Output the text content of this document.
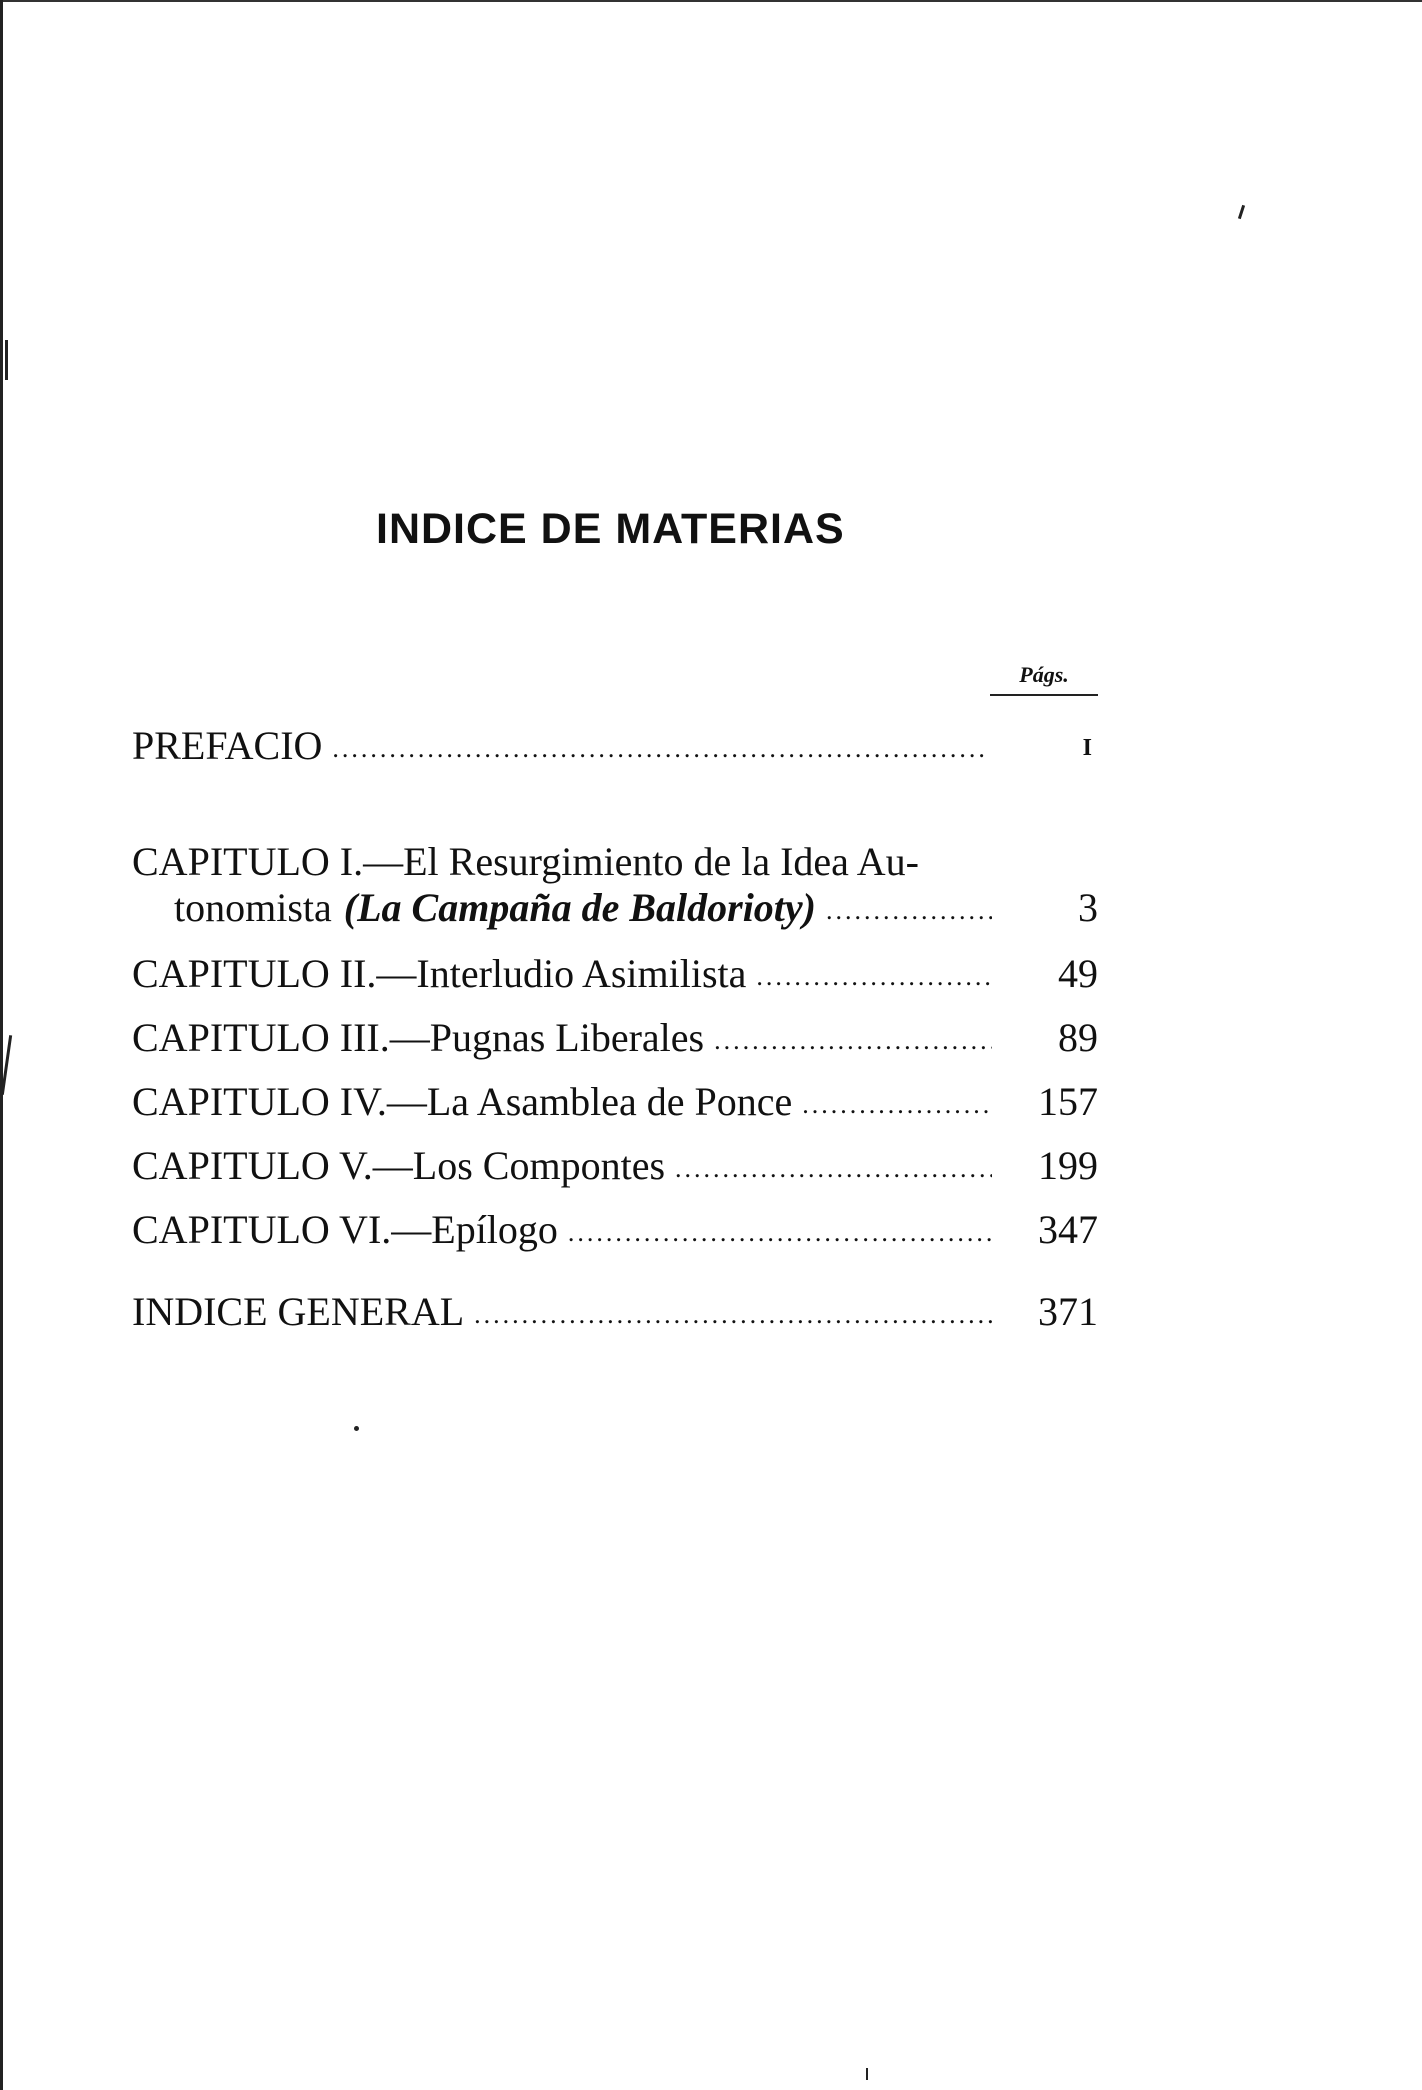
INDICE DE MATERIAS
Págs.
PREFACIO .....	I
CAPITULO I.—El Resurgimiento de la Idea Au-
tonomista (La Campaña de Baldorioty) .....	3
CAPITULO II.—Interludio Asimilista .....	49
CAPITULO III.—Pugnas Liberales .....	89
CAPITULO IV.—La Asamblea de Ponce .....	157
CAPITULO V.—Los Compontes .....	199
CAPITULO VI.—Epílogo .....	347
INDICE GENERAL .....	371
